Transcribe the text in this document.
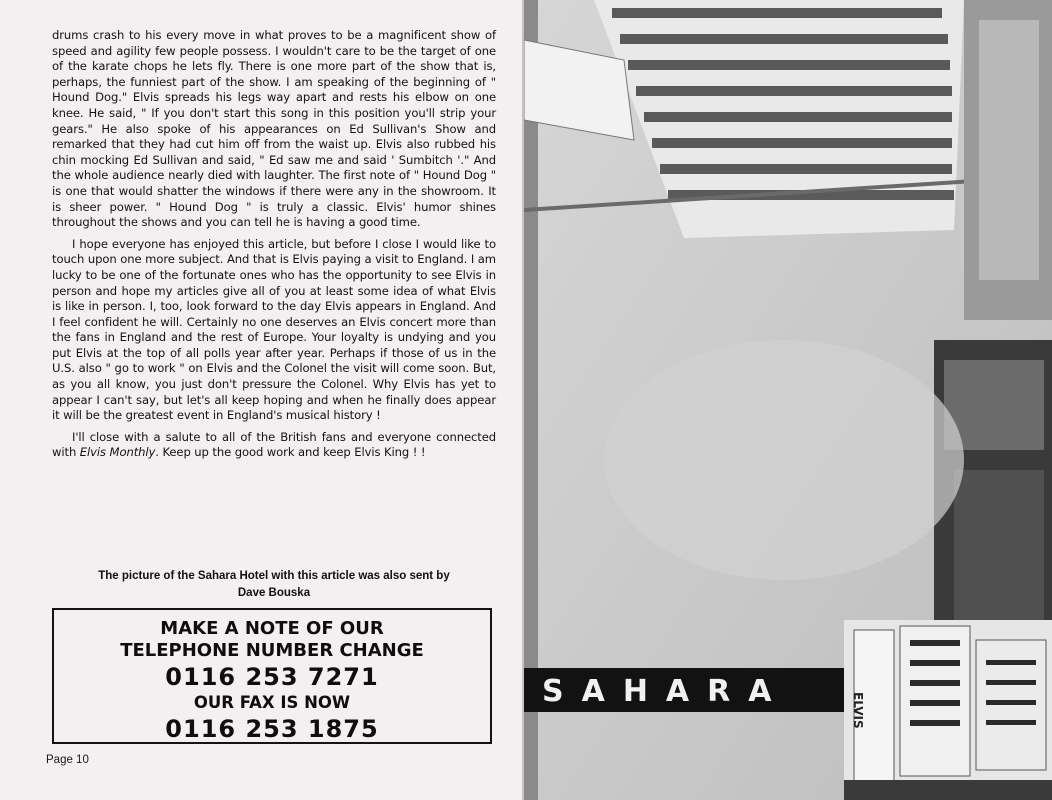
drums crash to his every move in what proves to be a magnificent show of speed and agility few people possess. I wouldn't care to be the target of one of the karate chops he lets fly. There is one more part of the show that is, perhaps, the funniest part of the show. I am speaking of the beginning of " Hound Dog." Elvis spreads his legs way apart and rests his elbow on one knee. He said, " If you don't start this song in this position you'll strip your gears." He also spoke of his appearances on Ed Sullivan's Show and remarked that they had cut him off from the waist up. Elvis also rubbed his chin mocking Ed Sullivan and said, " Ed saw me and said ' Sumbitch '." And the whole audience nearly died with laughter. The first note of " Hound Dog " is one that would shatter the windows if there were any in the showroom. It is sheer power. " Hound Dog " is truly a classic. Elvis' humor shines throughout the shows and you can tell he is having a good time.

I hope everyone has enjoyed this article, but before I close I would like to touch upon one more subject. And that is Elvis paying a visit to England. I am lucky to be one of the fortunate ones who has the opportunity to see Elvis in person and hope my articles give all of you at least some idea of what Elvis is like in person. I, too, look forward to the day Elvis appears in England. And I feel confident he will. Certainly no one deserves an Elvis concert more than the fans in England and the rest of Europe. Your loyalty is undying and you put Elvis at the top of all polls year after year. Perhaps if those of us in the U.S. also " go to work " on Elvis and the Colonel the visit will come soon. But, as you all know, you just don't pressure the Colonel. Why Elvis has yet to appear I can't say, but let's all keep hoping and when he finally does appear it will be the greatest event in England's musical history !

I'll close with a salute to all of the British fans and everyone connected with Elvis Monthly. Keep up the good work and keep Elvis King ! !

The picture of the Sahara Hotel with this article was also sent by
Dave Bouska
MAKE A NOTE OF OUR
TELEPHONE NUMBER CHANGE
0116 253 7271
OUR FAX IS NOW
0116 253 1875
Page 10
SAHARA
ELVIS
